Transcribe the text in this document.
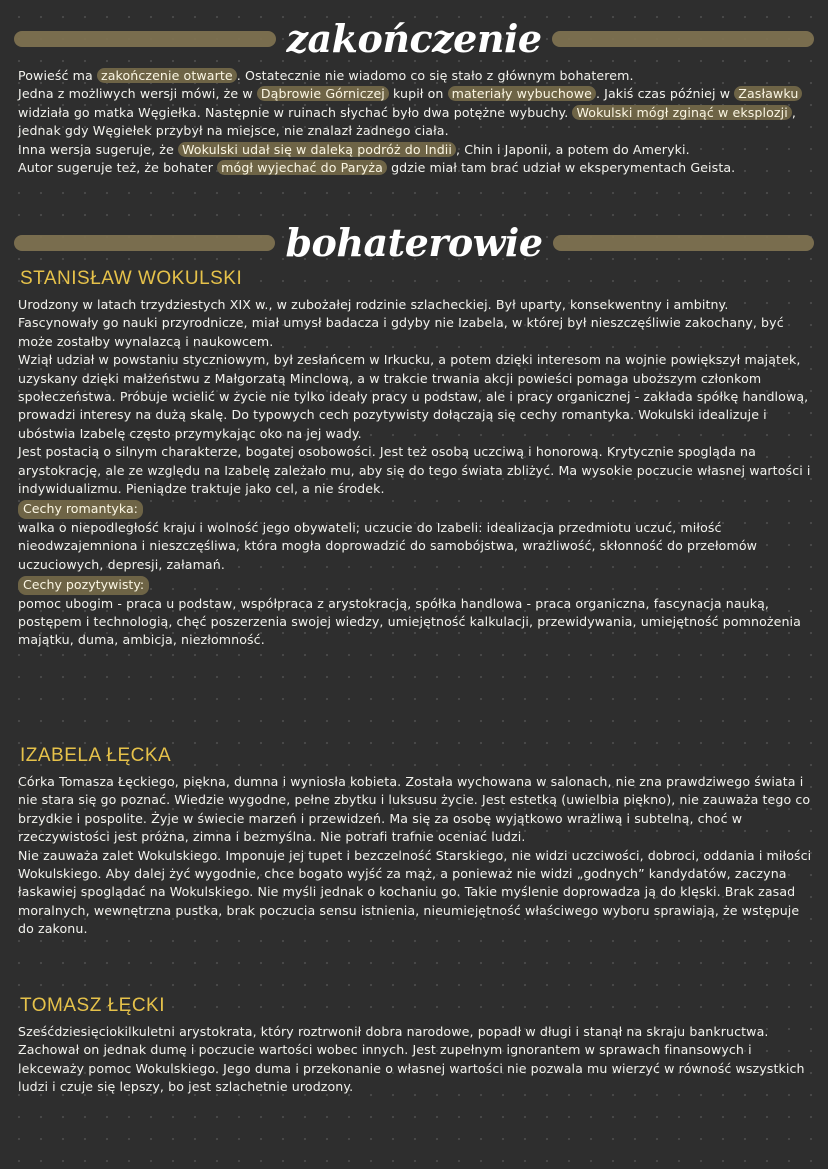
zakończenie

Powieść ma zakończenie otwarte . Ostatecznie nie wiadomo co się stało z głównym bohaterem.

Jedna z możliwych wersji mówi, że w Dąbrowie Górniczej kupił on materiały wybuchowe . Jakiś czas później w Zasławku widziała go matka Węgiełka. Następnie w ruinach słychać było dwa potężne wybuchy. Wokulski mógł zginąć w eksplozji , jednak gdy Węgiełek przybył na miejsce, nie znalazł żadnego ciała.

Inna wersja sugeruje, że Wokulski udał się w daleką podróż do Indii , Chin i Japonii, a potem do Ameryki.

Autor sugeruje też, że bohater mógł wyjechać do Paryża gdzie miał tam brać udział w eksperymentach Geista.

bohaterowie
STANISŁAW WOKULSKI

Urodzony w latach trzydziestych XIX w., w zubożałej rodzinie szlacheckiej. Był uparty, konsekwentny i ambitny. Fascynowały go nauki przyrodnicze, miał umysł badacza i gdyby nie Izabela, w której był nieszczęśliwie zakochany, być może zostałby wynalazcą i naukowcem.

Wziął udział w powstaniu styczniowym, był zesłańcem w Irkucku, a potem dzięki interesom na wojnie powiększył majątek, uzyskany dzięki małżeństwu z Małgorzatą Minclową, a w trakcie trwania akcji powieści pomaga uboższym członkom społeczeństwa. Próbuje wcielić w życie nie tylko ideały pracy u podstaw, ale i pracy organicznej - zakłada spółkę handlową, prowadzi interesy na dużą skalę. Do typowych cech pozytywisty dołączają się cechy romantyka. Wokulski idealizuje i ubóstwia Izabelę często przymykając oko na jej wady.

Jest postacią o silnym charakterze, bogatej osobowości. Jest też osobą uczciwą i honorową. Krytycznie spogląda na arystokrację, ale ze względu na Izabelę zależało mu, aby się do tego świata zbliżyć. Ma wysokie poczucie własnej wartości i indywidualizmu. Pieniądze traktuje jako cel, a nie środek.

Cechy romantyka:

walka o niepodległość kraju i wolność jego obywateli; uczucie do Izabeli: idealizacja przedmiotu uczuć, miłość nieodwzajemniona i nieszczęśliwa, która mogła doprowadzić do samobójstwa, wrażliwość, skłonność do przełomów uczuciowych, depresji, załamań.

Cechy pozytywisty:

pomoc ubogim - praca u podstaw, współpraca z arystokracją, spółka handlowa - praca organiczna, fascynacja nauką, postępem i technologią, chęć poszerzenia swojej wiedzy, umiejętność kalkulacji, przewidywania, umiejętność pomnożenia majątku, duma, ambicja, niezłomność.

IZABELA ŁĘCKA

Córka Tomasza Łęckiego, piękna, dumna i wyniosła kobieta. Została wychowana w salonach, nie zna prawdziwego świata i nie stara się go poznać. Wiedzie wygodne, pełne zbytku i luksusu życie. Jest estetką (uwielbia piękno), nie zauważa tego co brzydkie i pospolite. Żyje w świecie marzeń i przewidzeń. Ma się za osobę wyjątkowo wrażliwą i subtelną, choć w rzeczywistości jest próżna, zimna i bezmyślna. Nie potrafi trafnie oceniać ludzi.

Nie zauważa zalet Wokulskiego. Imponuje jej tupet i bezczelność Starskiego, nie widzi uczciwości, dobroci, oddania i miłości Wokulskiego. Aby dalej żyć wygodnie, chce bogato wyjść za mąż, a ponieważ nie widzi „godnych” kandydatów, zaczyna łaskawiej spoglądać na Wokulskiego. Nie myśli jednak o kochaniu go. Takie myślenie doprowadza ją do klęski. Brak zasad moralnych, wewnętrzna pustka, brak poczucia sensu istnienia, nieumiejętność właściwego wyboru sprawiają, że wstępuje do zakonu.

TOMASZ ŁĘCKI

Sześćdziesięciokilkuletni arystokrata, który roztrwonił dobra narodowe, popadł w długi i stanął na skraju bankructwa. Zachował on jednak dumę i poczucie wartości wobec innych. Jest zupełnym ignorantem w sprawach finansowych i lekceważy pomoc Wokulskiego. Jego duma i przekonanie o własnej wartości nie pozwala mu wierzyć w równość wszystkich ludzi i czuje się lepszy, bo jest szlachetnie urodzony.
